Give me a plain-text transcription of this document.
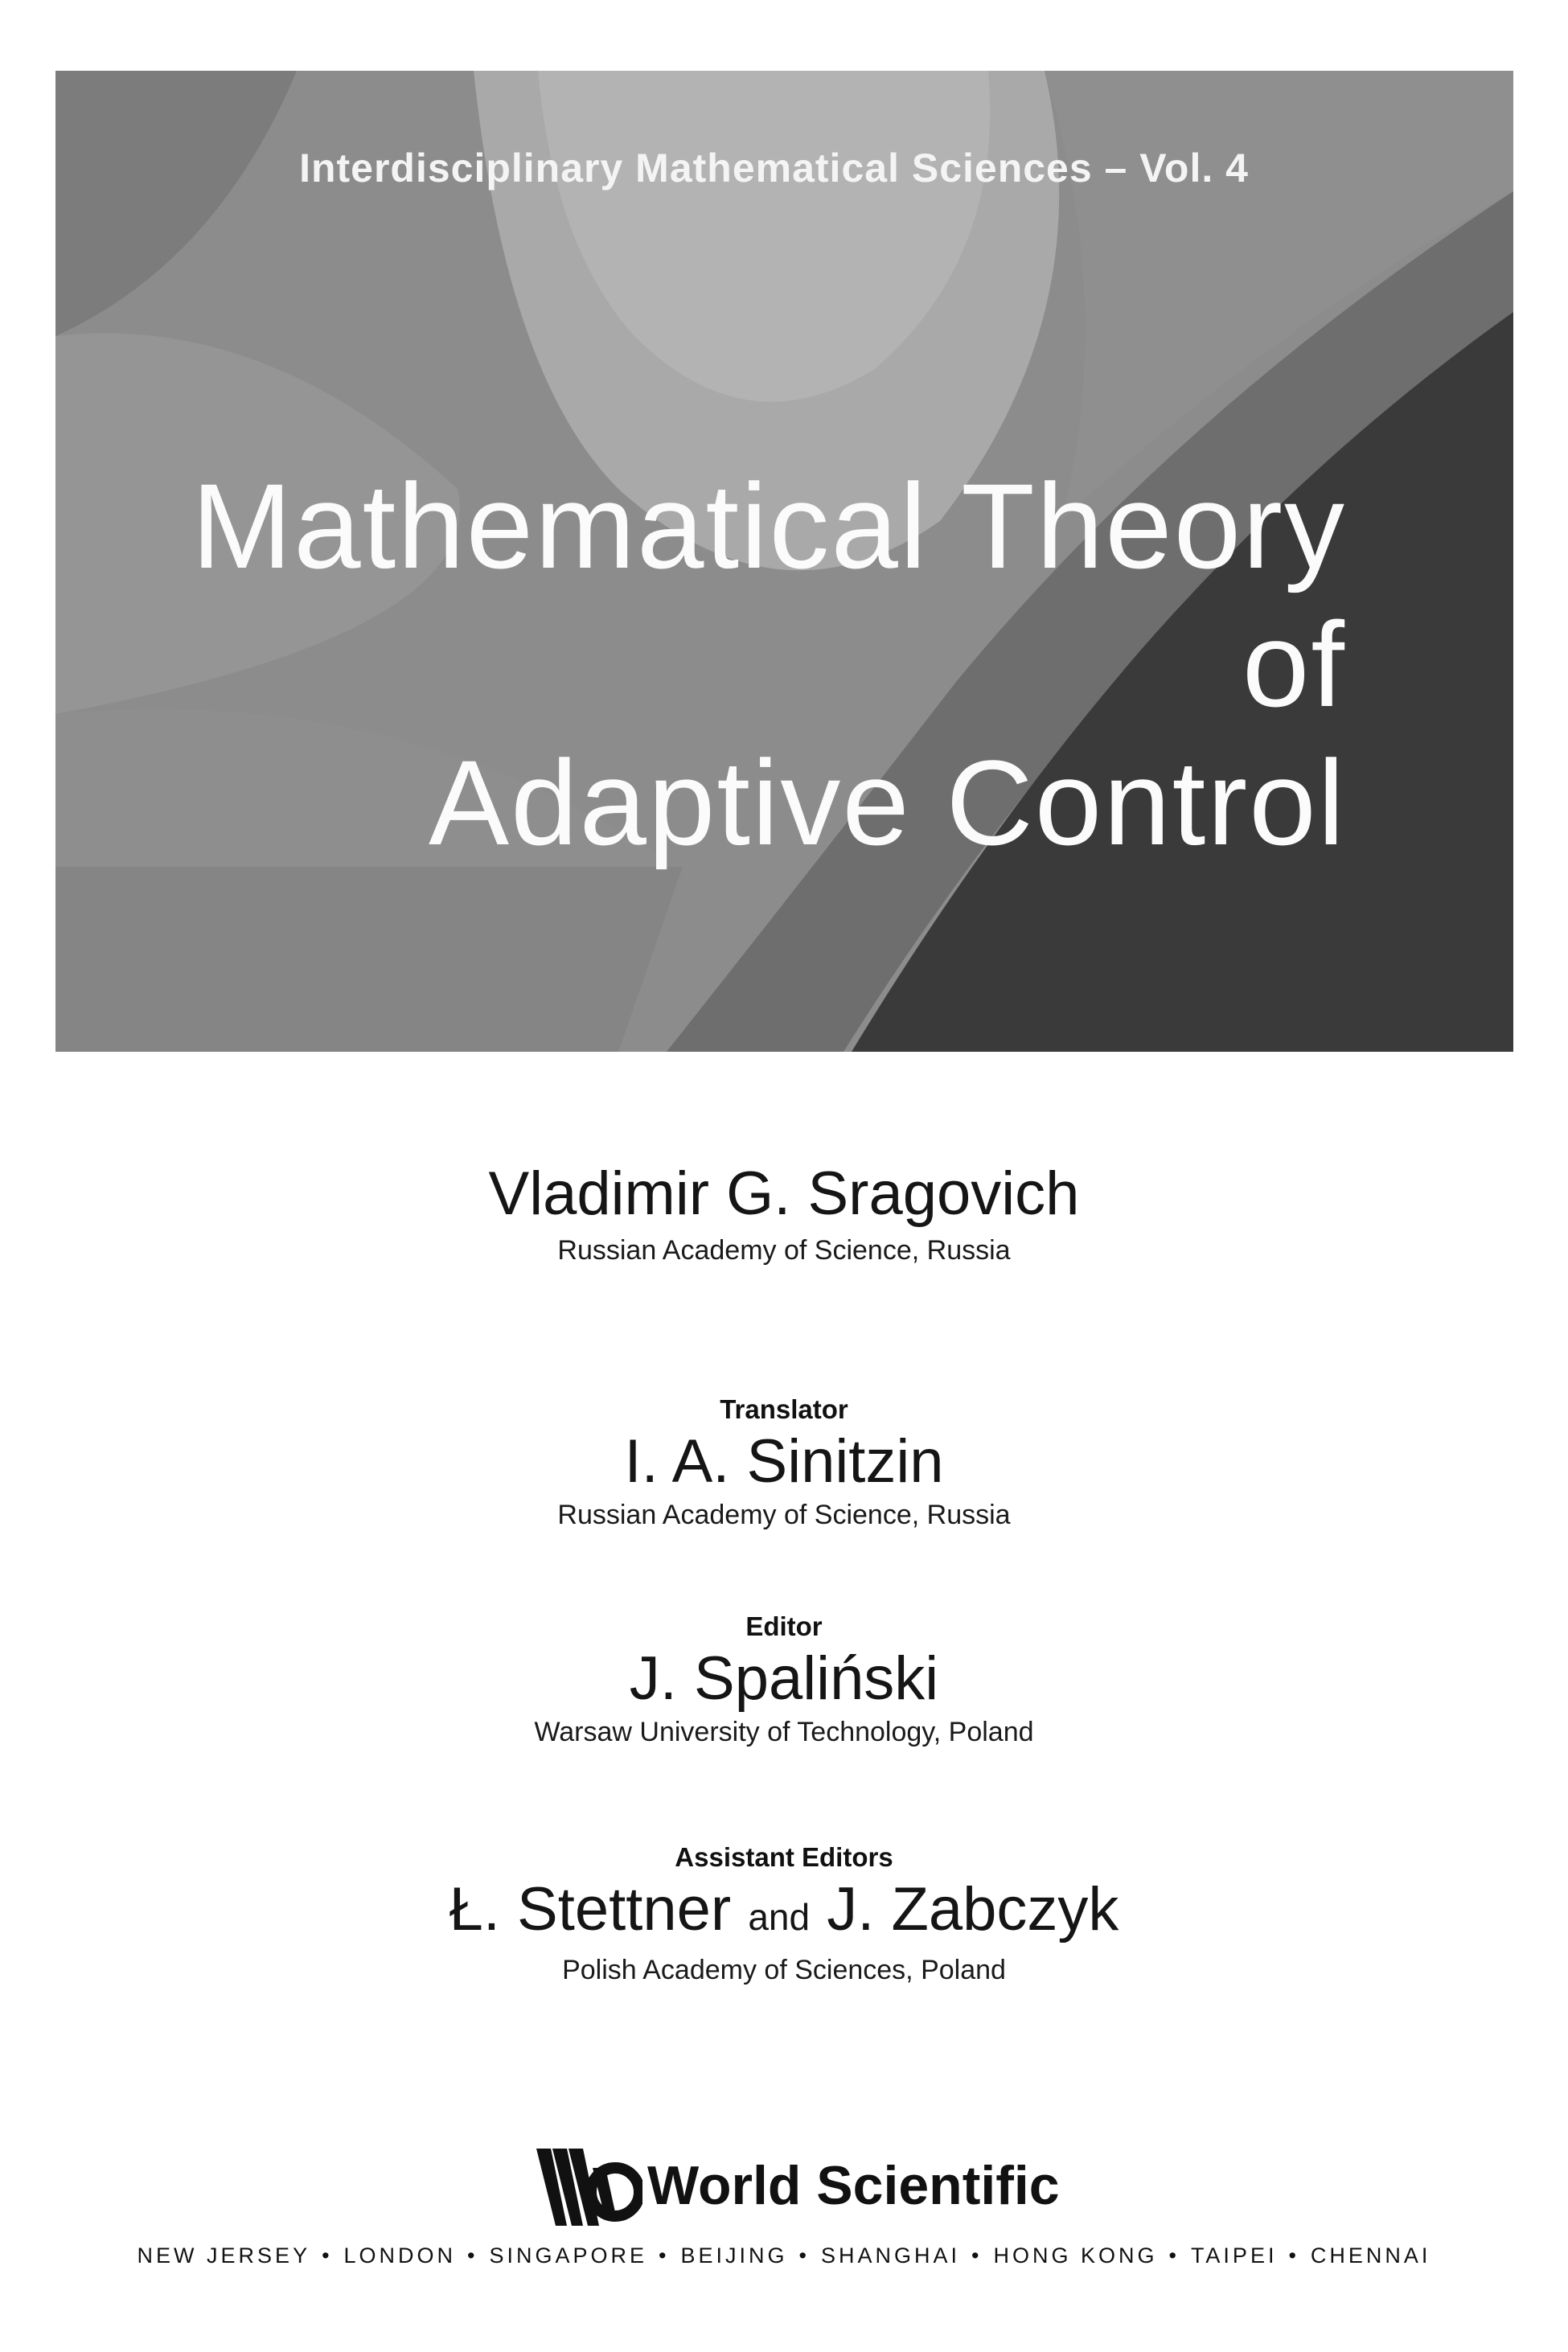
Interdisciplinary Mathematical Sciences – Vol. 4
Mathematical Theory of
Adaptive Control
Vladimir G. Sragovich
Russian Academy of Science, Russia
Translator
I. A. Sinitzin
Russian Academy of Science, Russia
Editor
J. Spaliński
Warsaw University of Technology, Poland
Assistant Editors
Ł. Stettner and J. Zabczyk
Polish Academy of Sciences, Poland
World Scientific
NEW JERSEY • LONDON • SINGAPORE • BEIJING • SHANGHAI • HONG KONG • TAIPEI • CHENNAI
